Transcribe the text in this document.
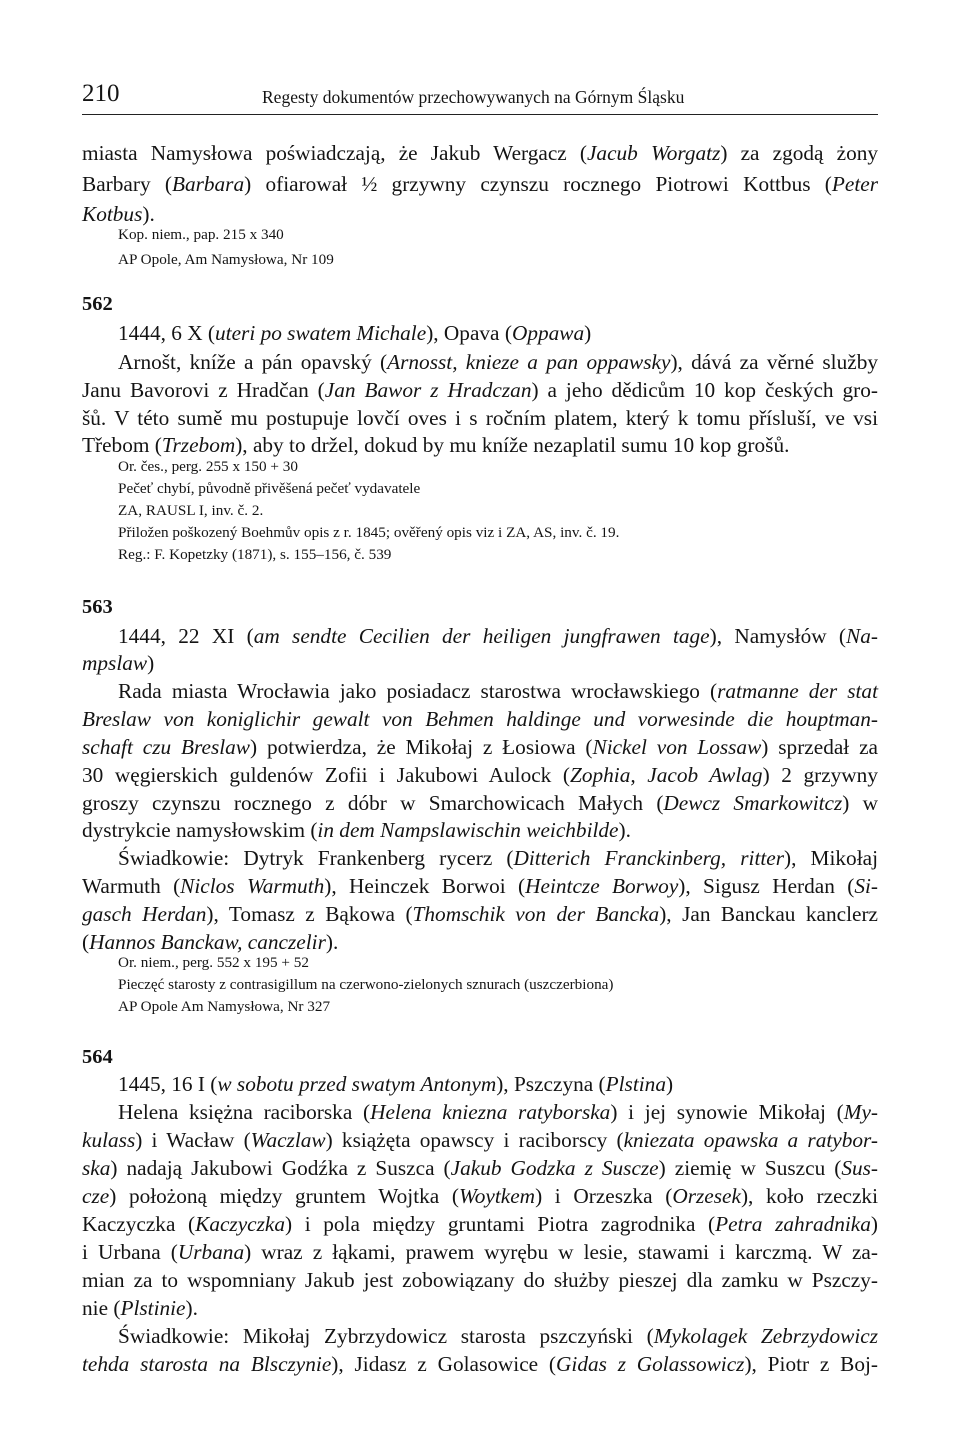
210	Regesty dokumentów przechowywanych na Górnym Śląsku
miasta Namysłowa poświadczają, że Jakub Wergacz (Jacub Worgatz) za zgodą żony
Barbary (Barbara) ofiarował ½ grzywny czynszu rocznego Piotrowi Kottbus (Peter
Kotbus).
Kop. niem., pap. 215 x 340
AP Opole, Am Namysłowa, Nr 109
562
1444, 6 X (uteri po swatem Michale), Opava (Oppawa)
Arnošt, kníže a pán opavský (Arnosst, knieze a pan oppawsky), dává za věrné služby
Janu Bavorovi z Hradčan (Jan Bawor z Hradczan) a jeho dědicům 10 kop českých gro-
šů. V této sumě mu postupuje lovčí oves i s ročním platem, který k tomu přísluší, ve vsi
Třebom (Trzebom), aby to držel, dokud by mu kníže nezaplatil sumu 10 kop grošů.
Or. čes., perg. 255 x 150 + 30
Pečeť chybí, původně přivěšená pečeť vydavatele
ZA, RAUSL I, inv. č. 2.
Přiložen poškozený Boehmův opis z r. 1845; ověřený opis viz i ZA, AS, inv. č. 19.
Reg.: F. Kopetzky (1871), s. 155–156, č. 539
563
1444, 22 XI (am sendte Cecilien der heiligen jungfrawen tage), Namysłów (Na-
mpslaw)
Rada miasta Wrocławia jako posiadacz starostwa wrocławskiego (ratmanne der stat
Breslaw von koniglichir gewalt von Behmen haldinge und vorwesinde die houptman-
schaft czu Breslaw) potwierdza, że Mikołaj z Łosiowa (Nickel von Lossaw) sprzedał za
30 węgierskich guldenów Zofii i Jakubowi Aulock (Zophia, Jacob Awlag) 2 grzywny
groszy czynszu rocznego z dóbr w Smarchowicach Małych (Dewcz Smarkowitcz) w
dystrykcie namysłowskim (in dem Nampslawischin weichbilde).
Świadkowie: Dytryk Frankenberg rycerz (Ditterich Franckinberg, ritter), Mikołaj
Warmuth (Niclos Warmuth), Heinczek Borwoi (Heintcze Borwoy), Sigusz Herdan (Si-
gasch Herdan), Tomasz z Bąkowa (Thomschik von der Bancka), Jan Banckau kanclerz
(Hannos Banckaw, canczelir).
Or. niem., perg. 552 x 195 + 52
Pieczęć starosty z contrasigillum na czerwono-zielonych sznurach (uszczerbiona)
AP Opole Am Namysłowa, Nr 327
564
1445, 16 I (w sobotu przed swatym Antonym), Pszczyna (Plstina)
Helena księżna raciborska (Helena kniezna ratyborska) i jej synowie Mikołaj (My-
kulass) i Wacław (Waczlaw) książęta opawscy i raciborscy (kniezata opawska a ratybor-
ska) nadają Jakubowi Godźka z Suszca (Jakub Godzka z Suscze) ziemię w Suszcu (Sus-
cze) położoną między gruntem Wojtka (Woytkem) i Orzeszka (Orzesek), koło rzeczki
Kaczyczka (Kaczyczka) i pola między gruntami Piotra zagrodnika (Petra zahradnika)
i Urbana (Urbana) wraz z łąkami, prawem wyrębu w lesie, stawami i karczmą. W za-
mian za to wspomniany Jakub jest zobowiązany do służby pieszej dla zamku w Pszczy-
nie (Plstinie).
Świadkowie: Mikołaj Zybrzydowicz starosta pszczyński (Mykolagek Zebrzydowicz
tehda starosta na Blsczynie), Jidasz z Golasowice (Gidas z Golassowicz), Piotr z Boj-
